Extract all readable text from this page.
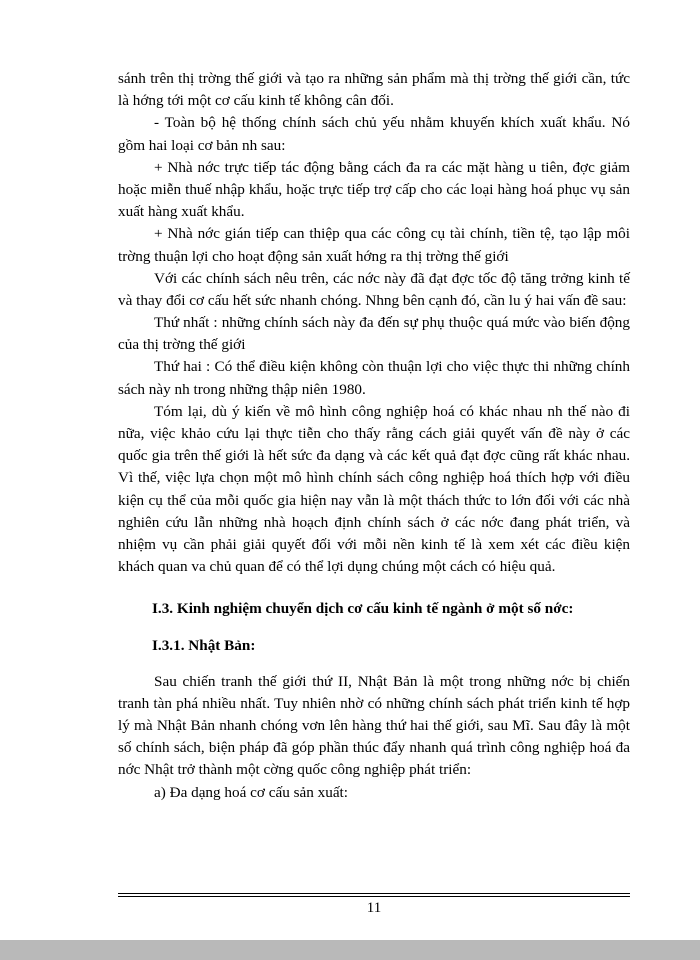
sánh trên thị trờng thế giới và tạo ra những sản phẩm mà thị trờng thế giới cần, tức là hớng tới một cơ cấu kinh tế không cân đối.

- Toàn bộ hệ thống chính sách chủ yếu nhằm khuyến khích xuất khẩu. Nó gồm hai loại cơ bản nh sau:

+ Nhà nớc trực tiếp tác động bằng cách đa ra các mặt hàng u tiên, đợc giảm hoặc miễn thuế nhập khẩu, hoặc trực tiếp trợ cấp cho các loại hàng hoá phục vụ sản xuất hàng xuất khẩu.

+ Nhà nớc gián tiếp can thiệp qua các công cụ tài chính, tiền tệ, tạo lập môi trờng thuận lợi cho hoạt động sản xuất hớng ra thị trờng thế giới

Với các chính sách nêu trên, các nớc này đã đạt đợc tốc độ tăng trởng kinh tế và thay đổi cơ cấu hết sức nhanh chóng. Nhng bên cạnh đó, cần lu ý hai vấn đề sau:

Thứ nhất : những chính sách này đa đến sự phụ thuộc quá mức vào biến động của thị trờng thế giới

Thứ hai : Có thể điều kiện không còn thuận lợi cho việc thực thi những chính sách này nh trong những thập niên 1980.

Tóm lại, dù ý kiến về mô hình công nghiệp hoá có khác nhau nh thế nào đi nữa, việc khảo cứu lại thực tiễn cho thấy rằng cách giải quyết vấn đề này ở các quốc gia trên thế giới là hết sức đa dạng và các kết quả đạt đợc cũng rất khác nhau. Vì thế, việc lựa chọn một mô hình chính sách công nghiệp hoá thích hợp với điều kiện cụ thể của mỗi quốc gia hiện nay vẫn là một thách thức to lớn đối với các nhà nghiên cứu lẫn những nhà hoạch định chính sách ở các nớc đang phát triển, và nhiệm vụ cần phải giải quyết đối với mỗi nền kinh tế là xem xét các điều kiện khách quan va chủ quan để có thể lợi dụng chúng một cách có hiệu quả.

I.3. Kinh nghiệm chuyển dịch cơ cấu kinh tế ngành ở một số nớc:

I.3.1. Nhật Bản:

Sau chiến tranh thế giới thứ II, Nhật Bản là một trong những nớc bị chiến tranh tàn phá nhiều nhất. Tuy nhiên nhờ có những chính sách phát triển kinh tế hợp lý mà Nhật Bản nhanh chóng vơn lên hàng thứ hai thế giới, sau Mĩ. Sau đây là một số chính sách, biện pháp đã góp phần thúc đẩy nhanh quá trình công nghiệp hoá đa nớc Nhật trở thành một cờng quốc công nghiệp phát triển:

a) Đa dạng hoá cơ cấu sản xuất:

11
